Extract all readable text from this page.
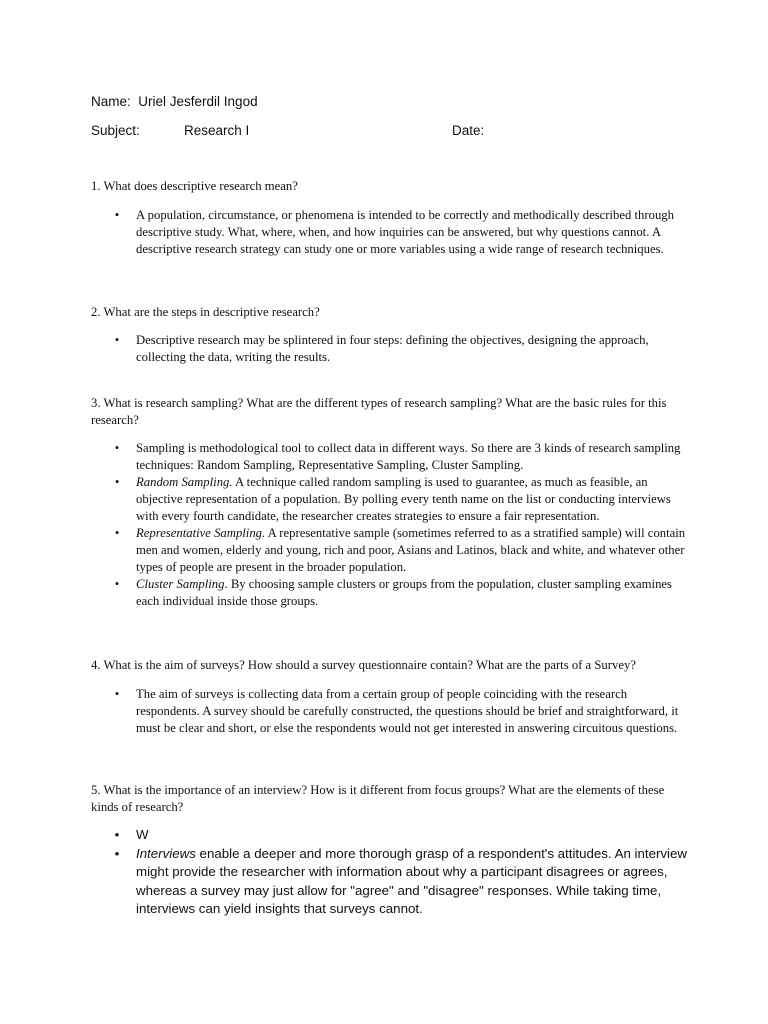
Name: Uriel Jesferdil Ingod
Subject:	Research I	Date:
1. What does descriptive research mean?
•
A population, circumstance, or phenomena is intended to be correctly and methodically described through descriptive study. What, where, when, and how inquiries can be answered, but why questions cannot. A descriptive research strategy can study one or more variables using a wide range of research techniques.
2. What are the steps in descriptive research?
•
Descriptive research may be splintered in four steps: defining the objectives, designing the approach, collecting the data, writing the results.
3. What is research sampling? What are the different types of research sampling? What are the basic rules for this research?
•
Sampling is methodological tool to collect data in different ways. So there are 3 kinds of research sampling techniques: Random Sampling, Representative Sampling, Cluster Sampling.
•
Random Sampling. A technique called random sampling is used to guarantee, as much as feasible, an objective representation of a population. By polling every tenth name on the list or conducting interviews with every fourth candidate, the researcher creates strategies to ensure a fair representation.
•
Representative Sampling. A representative sample (sometimes referred to as a stratified sample) will contain men and women, elderly and young, rich and poor, Asians and Latinos, black and white, and whatever other types of people are present in the broader population.
•
Cluster Sampling. By choosing sample clusters or groups from the population, cluster sampling examines each individual inside those groups.
4. What is the aim of surveys? How should a survey questionnaire contain? What are the parts of a Survey?
•
The aim of surveys is collecting data from a certain group of people coinciding with the research respondents. A survey should be carefully constructed, the questions should be brief and straightforward, it must be clear and short, or else the respondents would not get interested in answering circuitous questions.
5. What is the importance of an interview? How is it different from focus groups? What are the elements of these kinds of research?
•
W
•
Interviews enable a deeper and more thorough grasp of a respondent's attitudes. An interview might provide the researcher with information about why a participant disagrees or agrees, whereas a survey may just allow for "agree" and "disagree" responses. While taking time, interviews can yield insights that surveys cannot.
